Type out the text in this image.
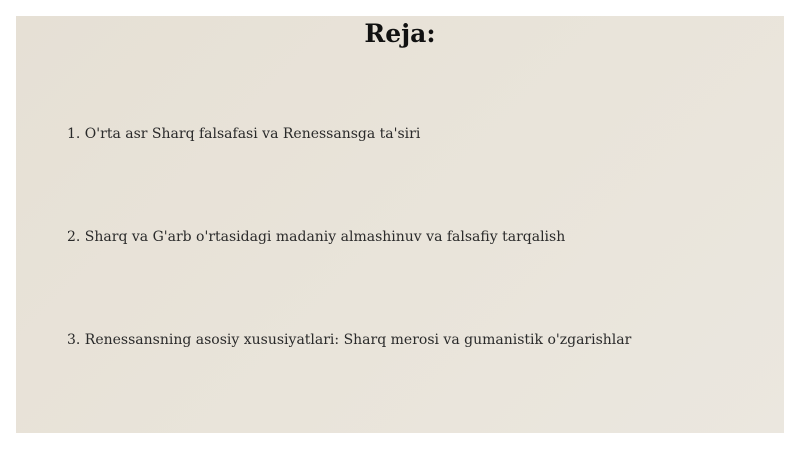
Reja:
1. O'rta asr Sharq falsafasi va Renessansga ta'siri
2. Sharq va G'arb o'rtasidagi madaniy almashinuv va falsafiy tarqalish
3. Renessansning asosiy xususiyatlari: Sharq merosi va gumanistik o'zgarishlar
